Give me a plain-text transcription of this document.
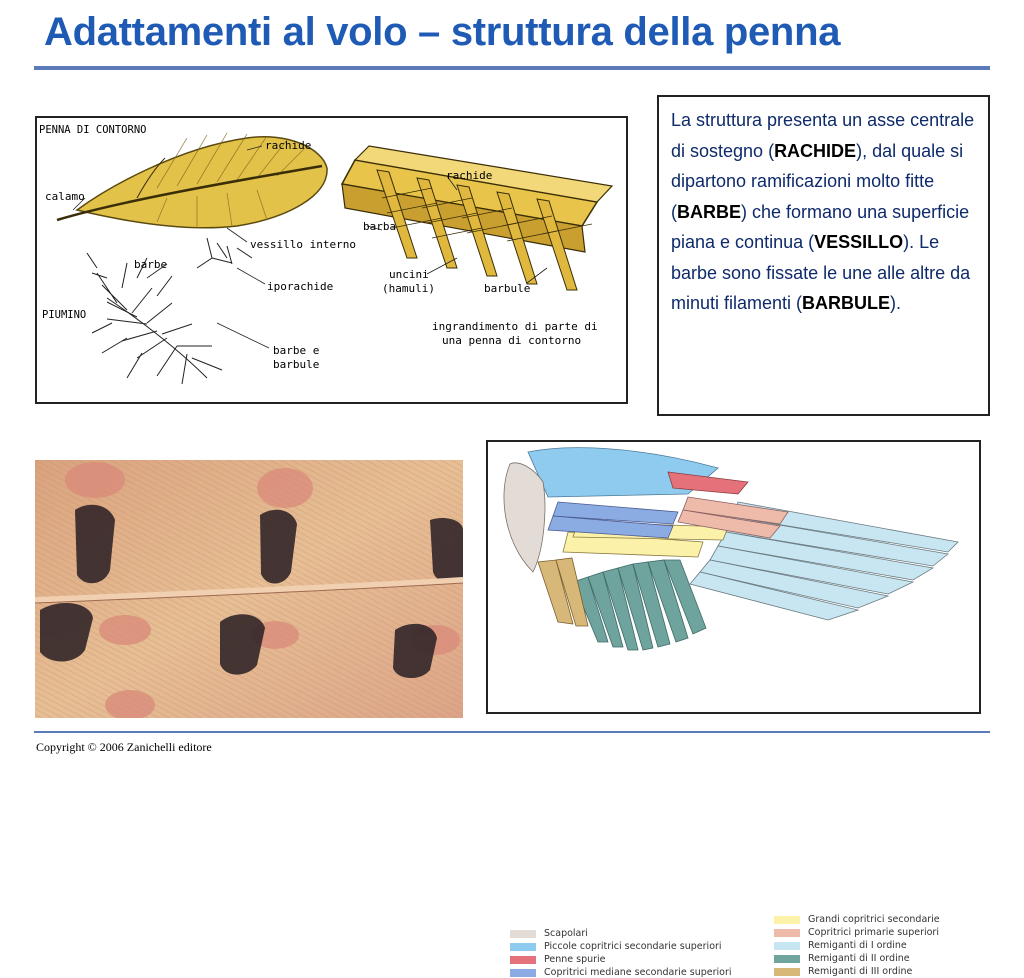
Adattamenti al volo – struttura della penna
PENNA DI CONTORNO
rachide
calamo
vessillo interno
barbe
iporachide
PIUMINO
barbe e
barbule
barba
rachide
uncini
(hamuli)	barbule
ingrandimento di parte di
una penna di contorno
La struttura presenta un asse centrale di sostegno (RACHIDE), dal quale si dipartono ramificazioni molto fitte (BARBE) che formano una superficie piana e continua (VESSILLO). Le barbe sono fissate le une alle altre da minuti filamenti (BARBULE).
Scapolari
Piccole copritrici secondarie superiori
Penne spurie
Copritrici mediane secondarie superiori
Grandi copritrici secondarie
Copritrici primarie superiori
Remiganti di I ordine
Remiganti di II ordine
Remiganti di III ordine
Copyright © 2006 Zanichelli editore
